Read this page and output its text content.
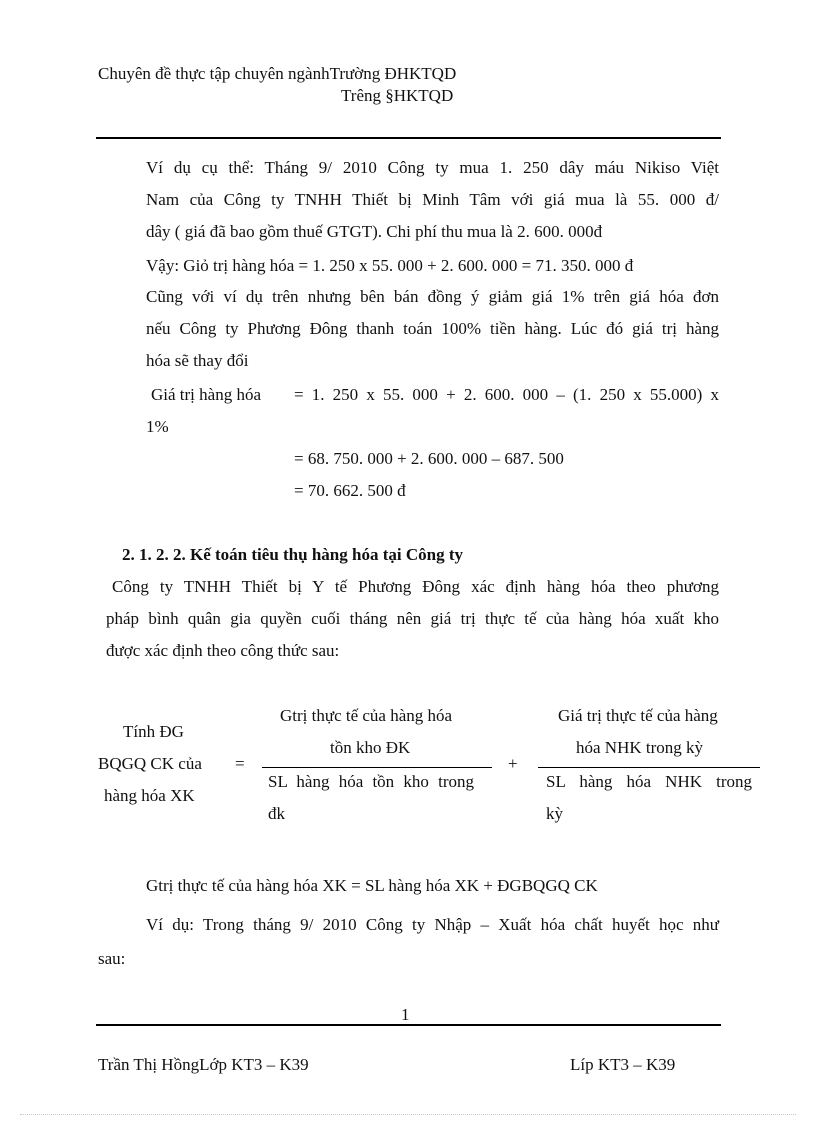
Chuyên đề thực tập chuyên ngànhTrường ĐHKTQD
Trêng §HKTQD
Ví dụ cụ thể: Tháng 9/ 2010 Công ty mua 1. 250 dây máu Nikiso Việt
Nam của Công ty TNHH Thiết bị Minh Tâm với giá mua là 55. 000 đ/
dây ( giá đã bao gồm thuế GTGT). Chi phí thu mua là 2. 600. 000đ
Vậy: Giỏ trị hàng hóa = 1. 250 x 55. 000 + 2. 600. 000 = 71. 350. 000 đ
Cũng với ví dụ trên nhưng bên bán đồng ý giảm giá 1% trên giá hóa đơn
nếu Công ty Phương Đông thanh toán 100% tiền hàng. Lúc đó giá trị hàng
hóa sẽ thay đổi
Giá trị hàng hóa = 1. 250 x 55. 000 + 2. 600. 000 – (1. 250 x 55.000) x
1%
= 68. 750. 000 + 2. 600. 000 – 687. 500
= 70. 662. 500 đ
2. 1. 2. 2. Kế toán tiêu thụ hàng hóa tại Công ty
Công ty TNHH Thiết bị Y tế Phương Đông xác định hàng hóa theo phương
pháp bình quân gia quyền cuối tháng nên giá trị thực tế của hàng hóa xuất kho
được xác định theo công thức sau:
Tính ĐG
BQGQ CK của
hàng hóa XK
=
Gtrị thực tế của hàng hóa
tồn kho ĐK
SL hàng hóa tồn kho trong
đk
+
Giá trị thực tế của hàng
hóa NHK trong kỳ
SL hàng hóa NHK trong
kỳ
Gtrị thực tế của hàng hóa XK = SL hàng hóa XK + ĐGBQGQ CK
Ví dụ: Trong tháng 9/ 2010 Công ty Nhập – Xuất hóa chất huyết học như
sau:
1
Trần Thị HồngLớp KT3 – K39	Líp KT3 – K39
